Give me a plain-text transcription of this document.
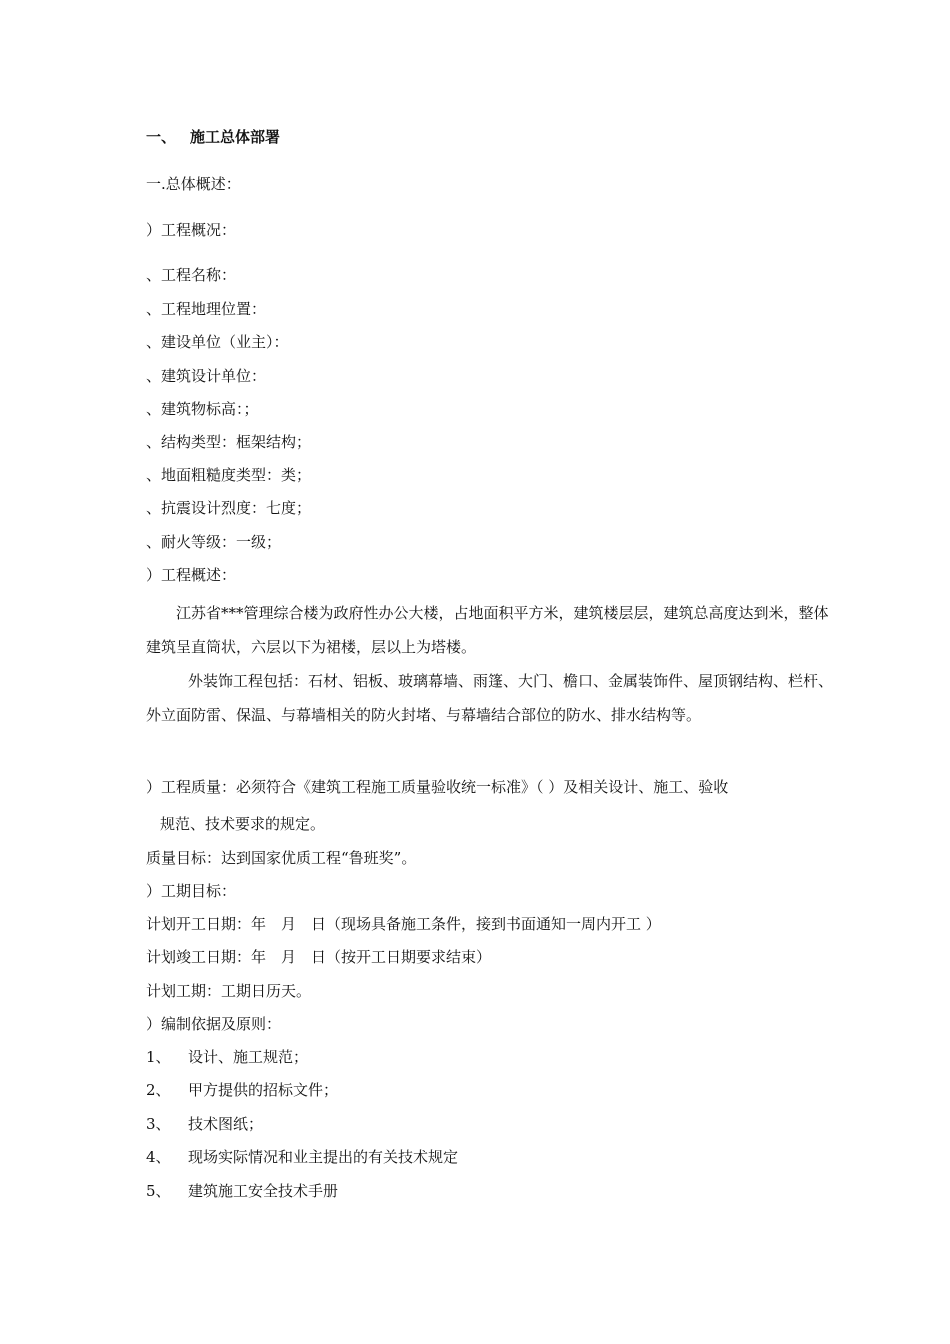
一、 施工总体部署
一.总体概述：
）工程概况：
、工程名称：
、工程地理位置：
、建设单位（业主）：
、建筑设计单位：
、建筑物标高：；
、结构类型：框架结构；
、地面粗糙度类型：类；
、抗震设计烈度：七度；
、耐火等级：一级；
）工程概述：
江苏省***管理综合楼为政府性办公大楼，占地面积平方米，建筑楼层层，建筑总高度达到米，整体建筑呈直筒状，六层以下为裙楼，层以上为塔楼。
外装饰工程包括：石材、铝板、玻璃幕墙、雨篷、大门、檐口、金属装饰件、屋顶钢结构、栏杆、外立面防雷、保温、与幕墙相关的防火封堵、与幕墙结合部位的防水、排水结构等。
）工程质量：必须符合《建筑工程施工质量验收统一标准》（ ）及相关设计、施工、验收
规范、技术要求的规定。
质量目标：达到国家优质工程“鲁班奖”。
）工期目标：
计划开工日期：年　月　日（现场具备施工条件，接到书面通知一周内开工 ）
计划竣工日期：年　月　日（按开工日期要求结束）
计划工期：工期日历天。
）编制依据及原则：
1、 设计、施工规范；
2、 甲方提供的招标文件；
3、 技术图纸；
4、 现场实际情况和业主提出的有关技术规定
5、 建筑施工安全技术手册
